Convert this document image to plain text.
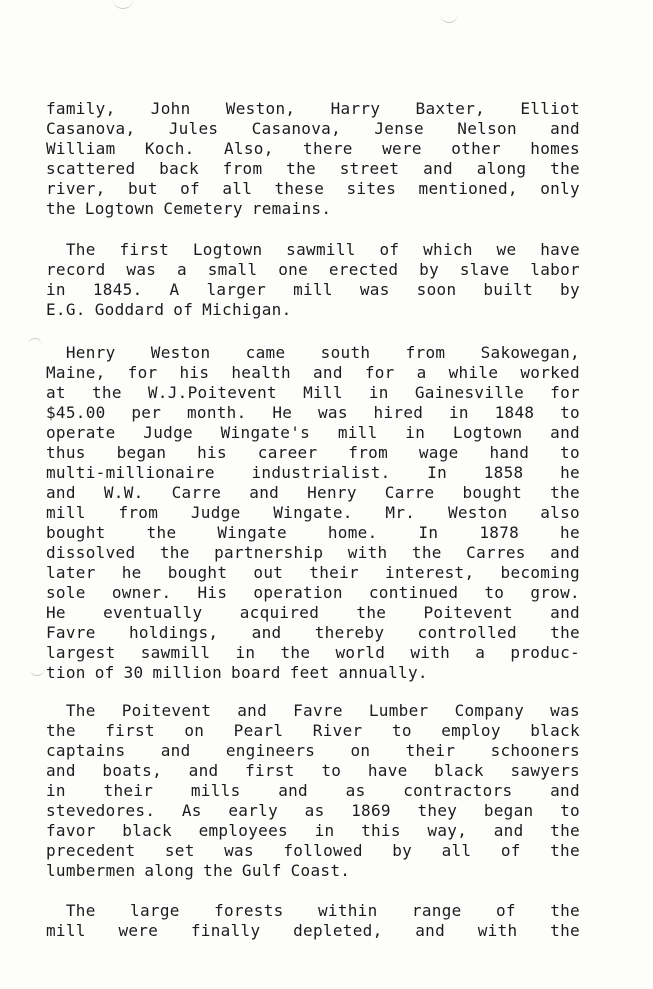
family, John Weston, Harry Baxter, Elliot
Casanova, Jules Casanova, Jense Nelson and
William Koch. Also, there were other homes
scattered back from the street and along the
river, but of all these sites mentioned, only
the Logtown Cemetery remains.
The first Logtown sawmill of which we have
record was a small one erected by slave labor
in 1845. A larger mill was soon built by
E.G. Goddard of Michigan.
Henry Weston came south from Sakowegan,
Maine, for his health and for a while worked
at the W.J.Poitevent Mill in Gainesville for
$45.00 per month. He was hired in 1848 to
operate Judge Wingate's mill in Logtown and
thus began his career from wage hand to
multi-millionaire industrialist. In 1858 he
and W.W. Carre and Henry Carre bought the
mill from Judge Wingate. Mr. Weston also
bought	the	Wingate	home.	In	1878	he
dissolved the partnership with the Carres and
later he bought out their interest, becoming
sole owner. His operation continued to grow.
He eventually acquired the Poitevent and
Favre holdings, and thereby controlled the
largest sawmill in the world with a produc-
tion of 30 million board feet annually.
The Poitevent and Favre Lumber Company was
the first on Pearl River to employ black
captains and engineers on their schooners
and boats, and first to have black sawyers
in their mills and as contractors and
stevedores. As early as 1869 they began to
favor black employees in this way, and the
precedent set was followed by all of the
lumbermen along the Gulf Coast.
The large forests within range of the
mill were finally depleted, and with the
